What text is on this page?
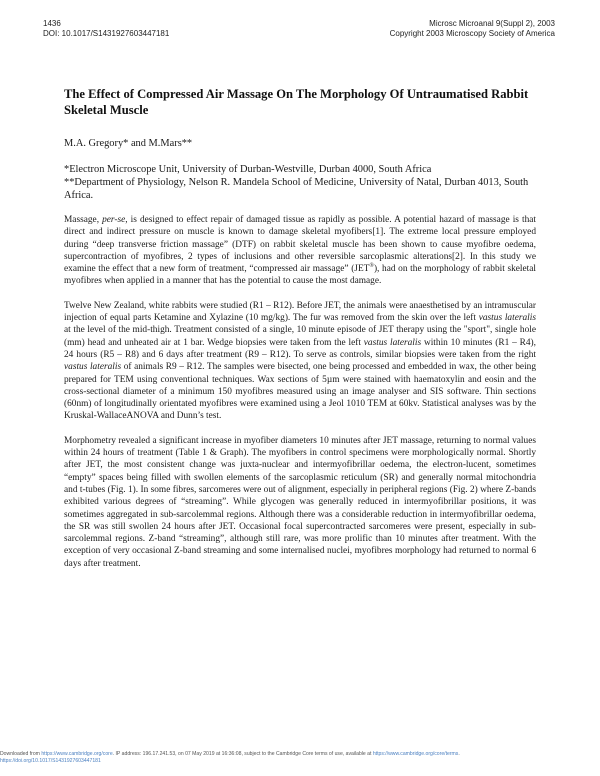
1436
DOI: 10.1017/S1431927603447181
Microsc Microanal 9(Suppl 2), 2003
Copyright 2003 Microscopy Society of America
The Effect of Compressed Air Massage On The Morphology Of Untraumatised Rabbit Skeletal Muscle
M.A. Gregory* and M.Mars**
*Electron Microscope Unit, University of Durban-Westville, Durban 4000, South Africa
**Department of Physiology, Nelson R. Mandela School of Medicine, University of Natal, Durban 4013, South Africa.

Massage, per-se, is designed to effect repair of damaged tissue as rapidly as possible. A potential hazard of massage is that direct and indirect pressure on muscle is known to damage skeletal myofibers[1]. The extreme local pressure employed during “deep transverse friction massage” (DTF) on rabbit skeletal muscle has been shown to cause myofibre oedema, supercontraction of myofibres, 2 types of inclusions and other reversible sarcoplasmic alterations[2]. In this study we examine the effect that a new form of treatment, “compressed air massage” (JET®), had on the morphology of rabbit skeletal myofibres when applied in a manner that has the potential to cause the most damage.

Twelve New Zealand, white rabbits were studied (R1 – R12). Before JET, the animals were anaesthetised by an intramuscular injection of equal parts Ketamine and Xylazine (10 mg/kg). The fur was removed from the skin over the left vastus lateralis at the level of the mid-thigh. Treatment consisted of a single, 10 minute episode of JET therapy using the "sport", single hole (mm) head and unheated air at 1 bar. Wedge biopsies were taken from the left vastus lateralis within 10 minutes (R1 – R4), 24 hours (R5 – R8) and 6 days after treatment (R9 – R12). To serve as controls, similar biopsies were taken from the right vastus lateralis of animals R9 – R12. The samples were bisected, one being processed and embedded in wax, the other being prepared for TEM using conventional techniques. Wax sections of 5µm were stained with haematoxylin and eosin and the cross-sectional diameter of a minimum 150 myofibres measured using an image analyser and SIS software. Thin sections (60nm) of longitudinally orientated myofibres were examined using a Jeol 1010 TEM at 60kv. Statistical analyses was by the Kruskal-WallaceANOVA and Dunn’s test.

Morphometry revealed a significant increase in myofiber diameters 10 minutes after JET massage, returning to normal values within 24 hours of treatment (Table 1 & Graph). The myofibers in control specimens were morphologically normal. Shortly after JET, the most consistent change was juxta-nuclear and intermyofibrillar oedema, the electron-lucent, sometimes “empty” spaces being filled with swollen elements of the sarcoplasmic reticulum (SR) and generally normal mitochondria and t-tubes (Fig. 1). In some fibres, sarcomeres were out of alignment, especially in peripheral regions (Fig. 2) where Z-bands exhibited various degrees of “streaming”. While glycogen was generally reduced in intermyofibrillar positions, it was sometimes aggregated in sub-sarcolemmal regions. Although there was a considerable reduction in intermyofibrillar oedema, the SR was still swollen 24 hours after JET. Occasional focal supercontracted sarcomeres were present, especially in sub-sarcolemmal regions. Z-band “streaming”, although still rare, was more prolific than 10 minutes after treatment. With the exception of very occasional Z-band streaming and some internalised nuclei, myofibres morphology had returned to normal 6 days after treatment.

Downloaded from https://www.cambridge.org/core. IP address: 196.17.241.53, on 07 May 2019 at 16:36:08, subject to the Cambridge Core terms of use, available at https://www.cambridge.org/core/terms.
https://doi.org/10.1017/S1431927603447181
